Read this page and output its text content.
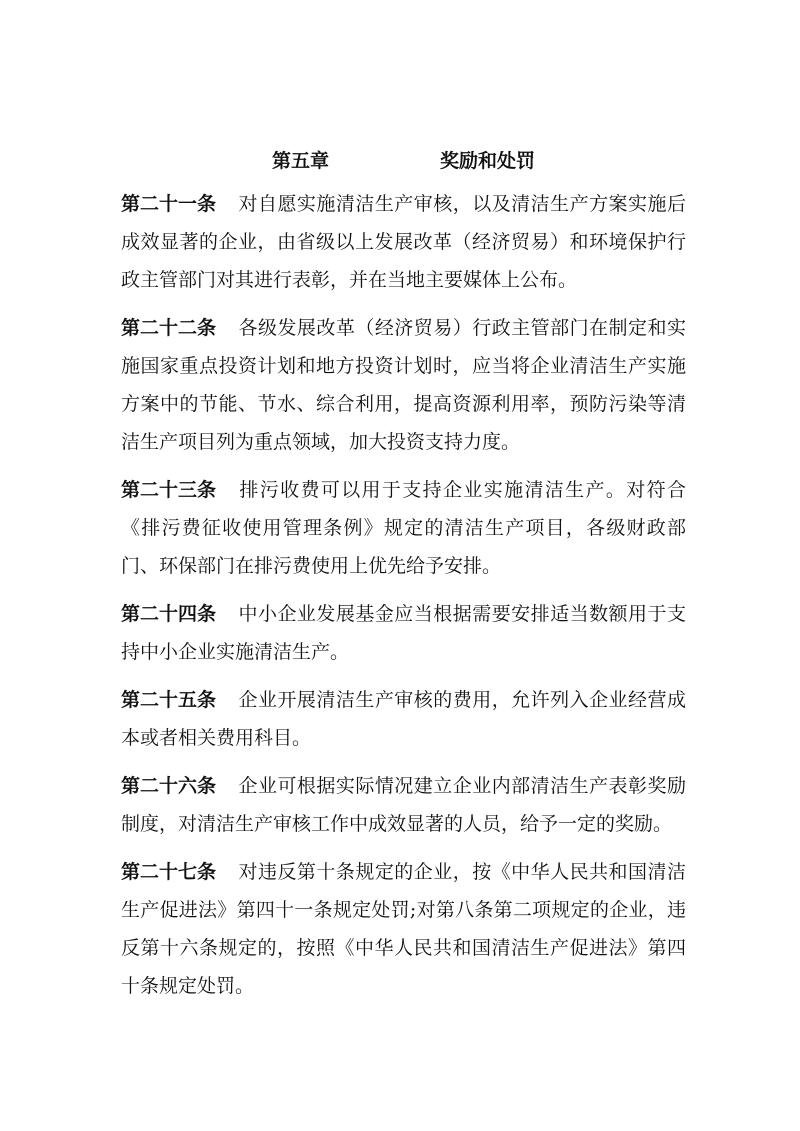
第五章	奖励和处罚

第二十一条 对自愿实施清洁生产审核，以及清洁生产方案实施后成效显著的企业，由省级以上发展改革（经济贸易）和环境保护行政主管部门对其进行表彰，并在当地主要媒体上公布。

第二十二条 各级发展改革（经济贸易）行政主管部门在制定和实施国家重点投资计划和地方投资计划时，应当将企业清洁生产实施方案中的节能、节水、综合利用，提高资源利用率，预防污染等清洁生产项目列为重点领域，加大投资支持力度。

第二十三条 排污收费可以用于支持企业实施清洁生产。对符合《排污费征收使用管理条例》规定的清洁生产项目，各级财政部门、环保部门在排污费使用上优先给予安排。

第二十四条 中小企业发展基金应当根据需要安排适当数额用于支持中小企业实施清洁生产。

第二十五条 企业开展清洁生产审核的费用，允许列入企业经营成本或者相关费用科目。

第二十六条 企业可根据实际情况建立企业内部清洁生产表彰奖励制度，对清洁生产审核工作中成效显著的人员，给予一定的奖励。

第二十七条 对违反第十条规定的企业，按《中华人民共和国清洁生产促进法》第四十一条规定处罚;对第八条第二项规定的企业，违反第十六条规定的，按照《中华人民共和国清洁生产促进法》第四十条规定处罚。
